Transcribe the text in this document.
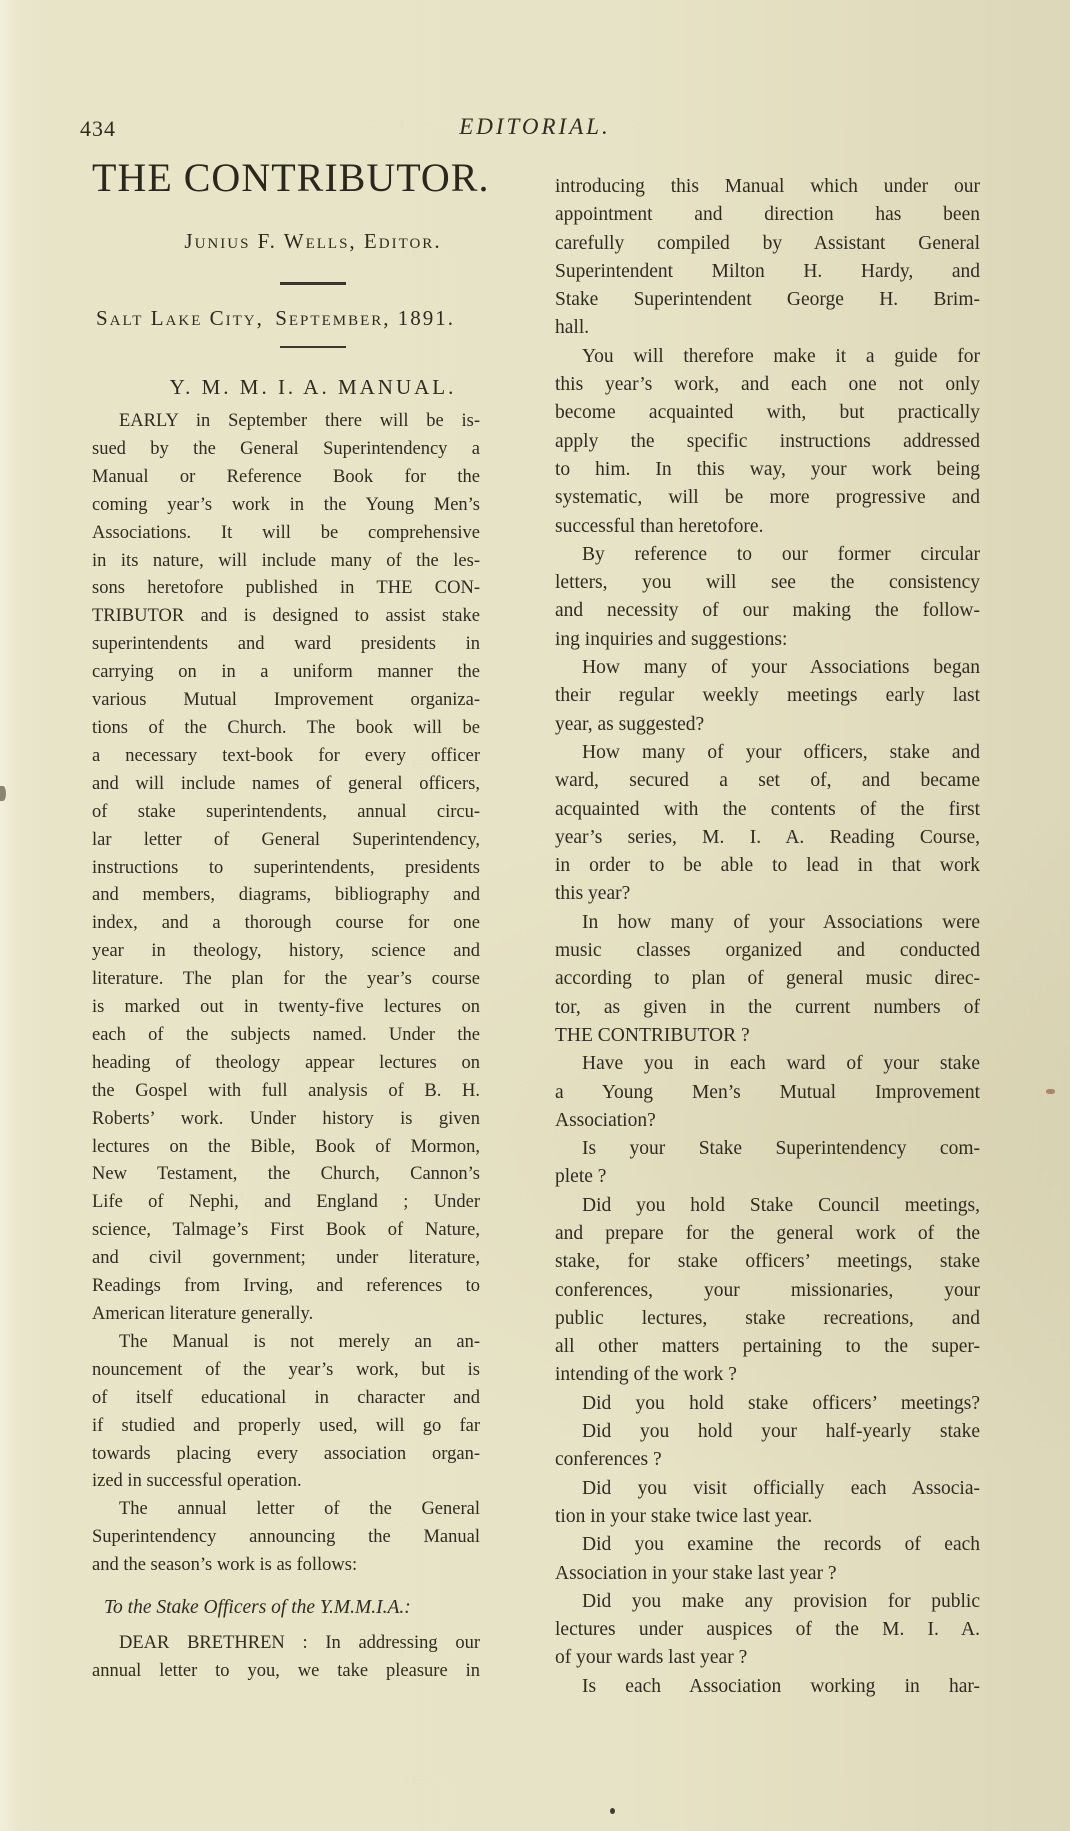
434	EDITORIAL.
THE CONTRIBUTOR.
Junius F. Wells, Editor.
Salt Lake City, September, 1891.
Y. M. M. I. A. MANUAL.
EARLY in September there will be is-
sued by the General Superintendency a
Manual or Reference Book for the
coming year’s work in the Young Men’s
Associations. It will be comprehensive
in its nature, will include many of the les-
sons heretofore published in THE CON-
TRIBUTOR and is designed to assist stake
superintendents and ward presidents in
carrying on in a uniform manner the
various Mutual Improvement organiza-
tions of the Church. The book will be
a necessary text-book for every officer
and will include names of general officers,
of stake superintendents, annual circu-
lar letter of General Superintendency,
instructions to superintendents, presidents
and members, diagrams, bibliography and
index, and a thorough course for one
year in theology, history, science and
literature. The plan for the year’s course
is marked out in twenty-five lectures on
each of the subjects named. Under the
heading of theology appear lectures on
the Gospel with full analysis of B. H.
Roberts’ work. Under history is given
lectures on the Bible, Book of Mormon,
New Testament, the Church, Cannon’s
Life of Nephi, and England ; Under
science, Talmage’s First Book of Nature,
and civil government; under literature,
Readings from Irving, and references to
American literature generally.
The Manual is not merely an an-
nouncement of the year’s work, but is
of itself educational in character and
if studied and properly used, will go far
towards placing every association organ-
ized in successful operation.
The annual letter of the General
Superintendency announcing the Manual
and the season’s work is as follows:
To the Stake Officers of the Y.M.M.I.A.:
DEAR BRETHREN : In addressing our
annual letter to you, we take pleasure in
introducing this Manual which under our
appointment and direction has been
carefully compiled by Assistant General
Superintendent Milton H. Hardy, and
Stake Superintendent George H. Brim-
hall.
You will therefore make it a guide for
this year’s work, and each one not only
become acquainted with, but practically
apply the specific instructions addressed
to him. In this way, your work being
systematic, will be more progressive and
successful than heretofore.
By reference to our former circular
letters, you will see the consistency
and necessity of our making the follow-
ing inquiries and suggestions:
How many of your Associations began
their regular weekly meetings early last
year, as suggested?
How many of your officers, stake and
ward, secured a set of, and became
acquainted with the contents of the first
year’s series, M. I. A. Reading Course,
in order to be able to lead in that work
this year?
In how many of your Associations were
music classes organized and conducted
according to plan of general music direc-
tor, as given in the current numbers of
THE CONTRIBUTOR ?
Have you in each ward of your stake
a Young Men’s Mutual Improvement
Association?
Is your Stake Superintendency com-
plete ?
Did you hold Stake Council meetings,
and prepare for the general work of the
stake, for stake officers’ meetings, stake
conferences, your missionaries, your
public lectures, stake recreations, and
all other matters pertaining to the super-
intending of the work ?
Did you hold stake officers’ meetings?
Did you hold your half-yearly stake
conferences ?
Did you visit officially each Associa-
tion in your stake twice last year.
Did you examine the records of each
Association in your stake last year ?
Did you make any provision for public
lectures under auspices of the M. I. A.
of your wards last year ?
Is each Association working in har-
